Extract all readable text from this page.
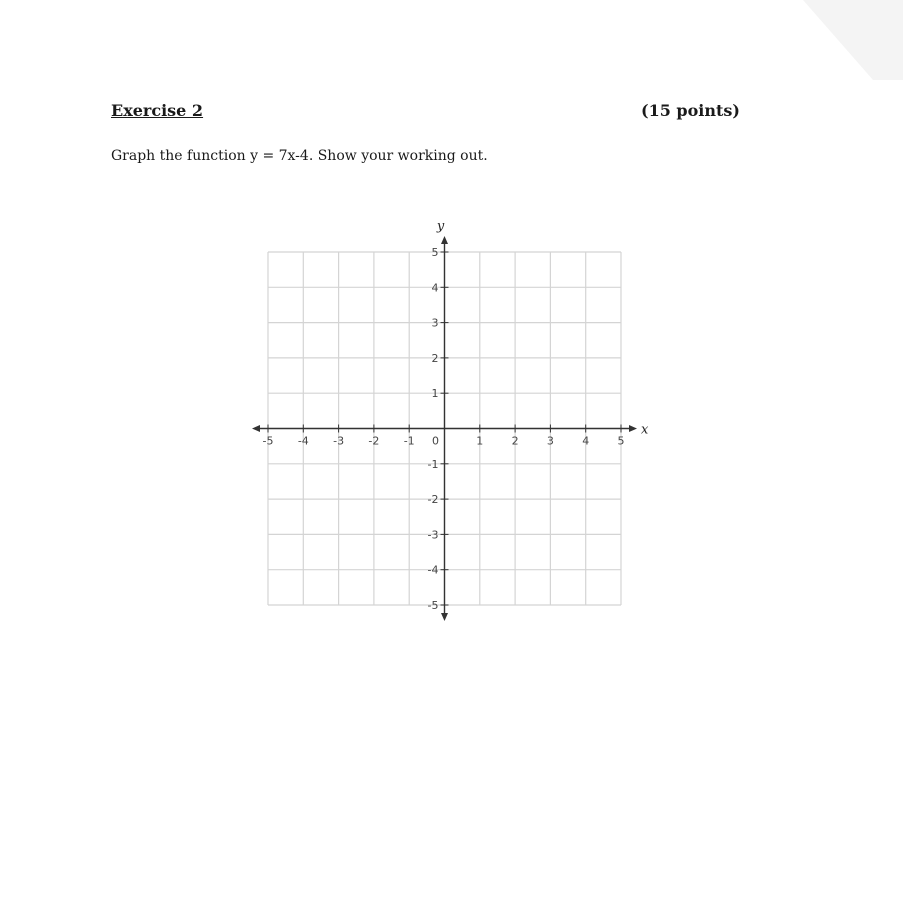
Exercise 2	(15 points)
Graph the function y = 7x-4. Show your working out.
-5 -4 -3 -2 -1 0	1	2	3	4	5
5
4
3
2
1
-1
-2
-3
-4
-5
x
y
